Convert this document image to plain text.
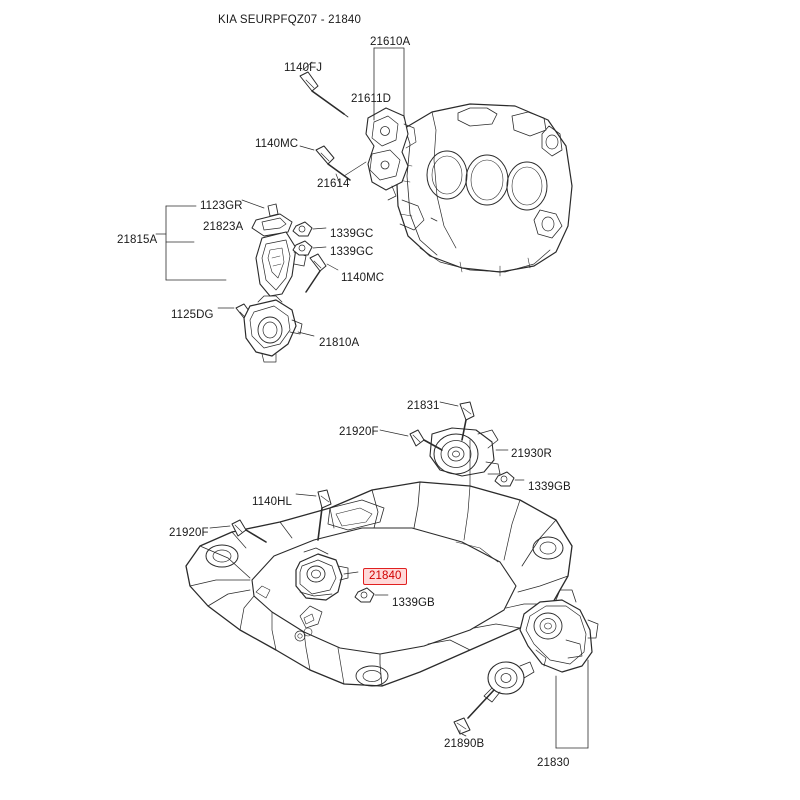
KIA SEURPFQZ07 - 21840
21610A
1140FJ
21611D
1140MC
21614
1123GR
21823A
21815A	1339GC
1339GC
1140MC
1125DG
21810A
21831
21920F
21930R
1339GB
1140HL
21920F
1339GB
21890B
21830
21840
